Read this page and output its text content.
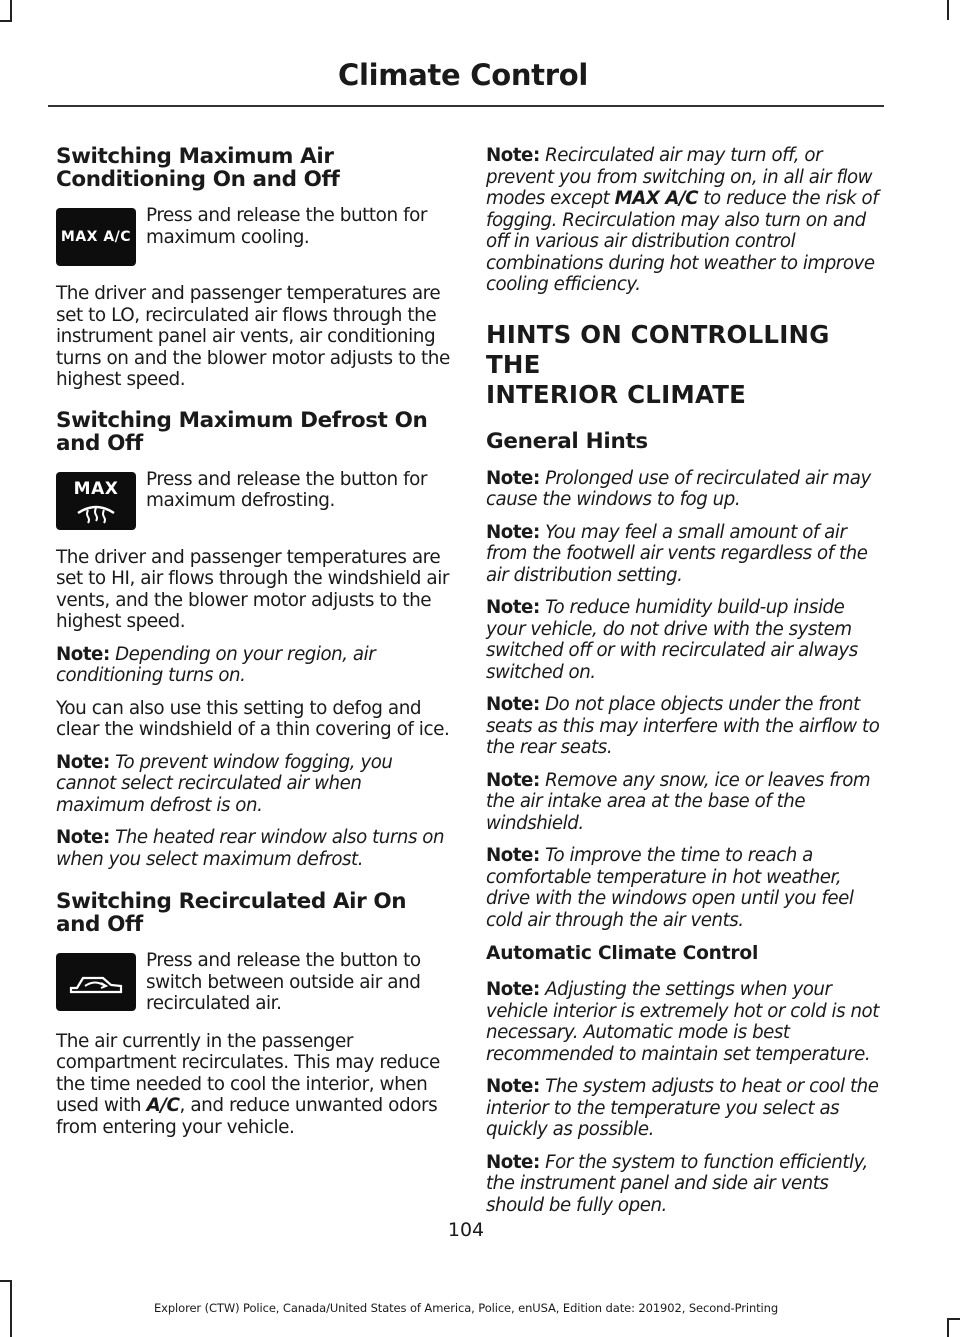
Climate Control
Switching Maximum Air Conditioning On and Off
MAX A/C

Press and release the button for maximum cooling.

The driver and passenger temperatures are set to LO, recirculated air flows through the instrument panel air vents, air conditioning turns on and the blower motor adjusts to the highest speed.

Switching Maximum Defrost On and Off
MAX Press and release the button for maximum defrosting.

The driver and passenger temperatures are set to HI, air flows through the windshield air vents, and the blower motor adjusts to the highest speed.

Note: Depending on your region, air conditioning turns on.

You can also use this setting to defog and clear the windshield of a thin covering of ice.

Note: To prevent window fogging, you cannot select recirculated air when maximum defrost is on.

Note: The heated rear window also turns on when you select maximum defrost.

Switching Recirculated Air On and Off

Press and release the button to switch between outside air and recirculated air.

The air currently in the passenger compartment recirculates. This may reduce the time needed to cool the interior, when used with A/C, and reduce unwanted odors from entering your vehicle.

Note: Recirculated air may turn off, or prevent you from switching on, in all air flow modes except MAX A/C to reduce the risk of fogging. Recirculation may also turn on and off in various air distribution control combinations during hot weather to improve cooling efficiency.

HINTS ON CONTROLLING THE
INTERIOR CLIMATE
General Hints

Note: Prolonged use of recirculated air may cause the windows to fog up.

Note: You may feel a small amount of air from the footwell air vents regardless of the air distribution setting.

Note: To reduce humidity build-up inside your vehicle, do not drive with the system switched off or with recirculated air always switched on.

Note: Do not place objects under the front seats as this may interfere with the airflow to the rear seats.

Note: Remove any snow, ice or leaves from the air intake area at the base of the windshield.

Note: To improve the time to reach a comfortable temperature in hot weather, drive with the windows open until you feel cold air through the air vents.

Automatic Climate Control

Note: Adjusting the settings when your vehicle interior is extremely hot or cold is not necessary. Automatic mode is best recommended to maintain set temperature.

Note: The system adjusts to heat or cool the interior to the temperature you select as quickly as possible.

Note: For the system to function efficiently, the instrument panel and side air vents should be fully open.

104
Explorer (CTW) Police, Canada/United States of America, Police, enUSA, Edition date: 201902, Second-Printing
